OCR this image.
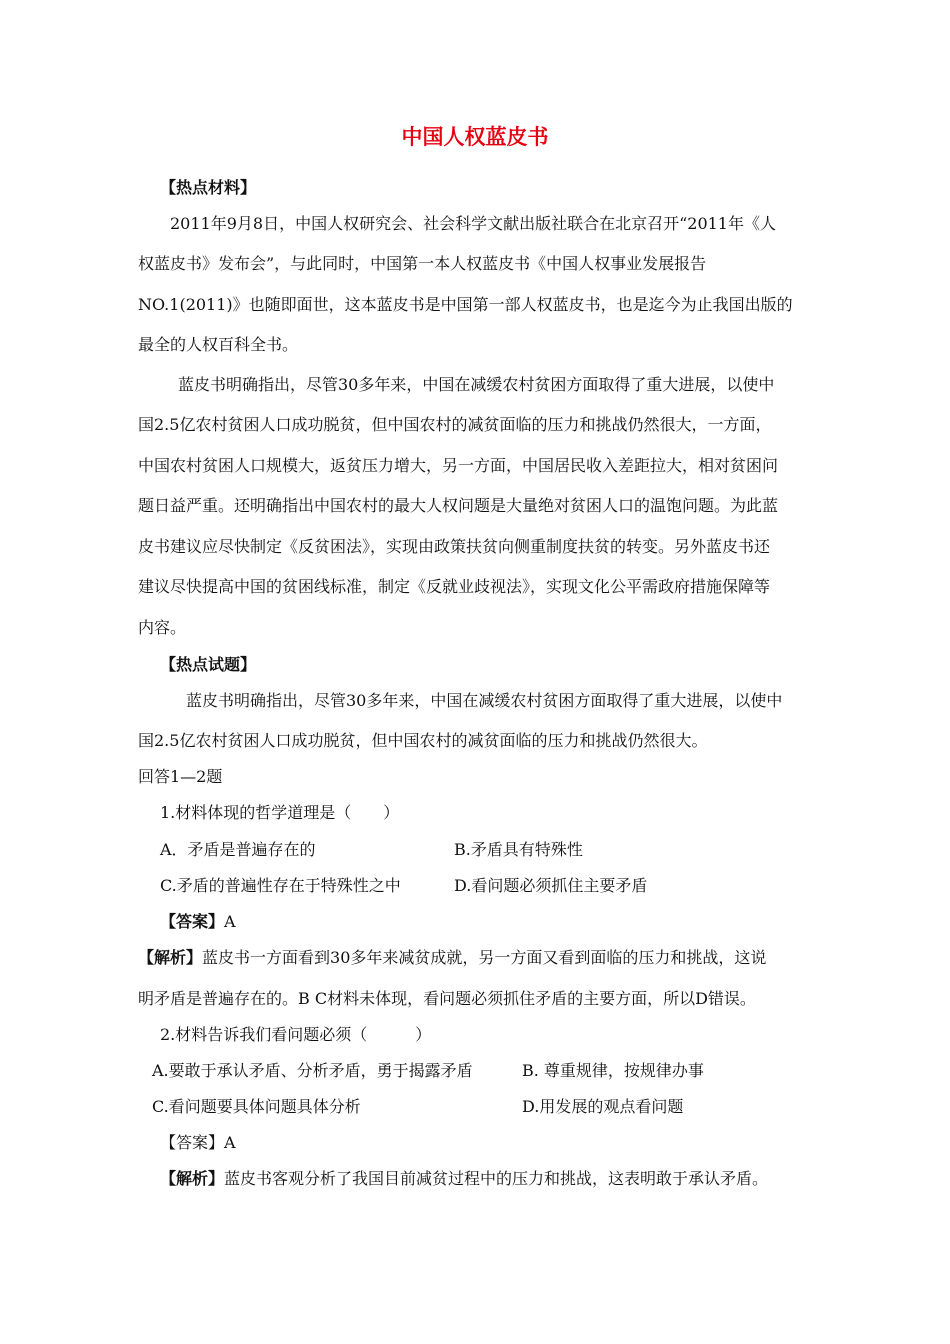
中国人权蓝皮书
【热点材料】
2011年9月8日，中国人权研究会、社会科学文献出版社联合在北京召开“2011年《人
权蓝皮书》发布会”，与此同时，中国第一本人权蓝皮书《中国人权事业发展报告
NO.1(2011)》也随即面世，这本蓝皮书是中国第一部人权蓝皮书，也是迄今为止我国出版的
最全的人权百科全书。
蓝皮书明确指出，尽管30多年来，中国在减缓农村贫困方面取得了重大进展，以使中
国2.5亿农村贫困人口成功脱贫，但中国农村的减贫面临的压力和挑战仍然很大，一方面，
中国农村贫困人口规模大，返贫压力增大，另一方面，中国居民收入差距拉大，相对贫困问
题日益严重。还明确指出中国农村的最大人权问题是大量绝对贫困人口的温饱问题。为此蓝
皮书建议应尽快制定《反贫困法》，实现由政策扶贫向侧重制度扶贫的转变。另外蓝皮书还
建议尽快提高中国的贫困线标准，制定《反就业歧视法》，实现文化公平需政府措施保障等
内容。
【热点试题】
蓝皮书明确指出，尽管30多年来，中国在减缓农村贫困方面取得了重大进展，以使中
国2.5亿农村贫困人口成功脱贫，但中国农村的减贫面临的压力和挑战仍然很大。
回答1—2题
1.材料体现的哲学道理是（　　）
A．矛盾是普遍存在的	B.矛盾具有特殊性
C.矛盾的普遍性存在于特殊性之中	D.看问题必须抓住主要矛盾
【答案】A
【解析】蓝皮书一方面看到30多年来减贫成就，另一方面又看到面临的压力和挑战，这说
明矛盾是普遍存在的。B C材料未体现，看问题必须抓住矛盾的主要方面，所以D错误。
2.材料告诉我们看问题必须（　　　）
A.要敢于承认矛盾、分析矛盾，勇于揭露矛盾	B. 尊重规律，按规律办事
C.看问题要具体问题具体分析	D.用发展的观点看问题
【答案】A
【解析】蓝皮书客观分析了我国目前减贫过程中的压力和挑战，这表明敢于承认矛盾。
